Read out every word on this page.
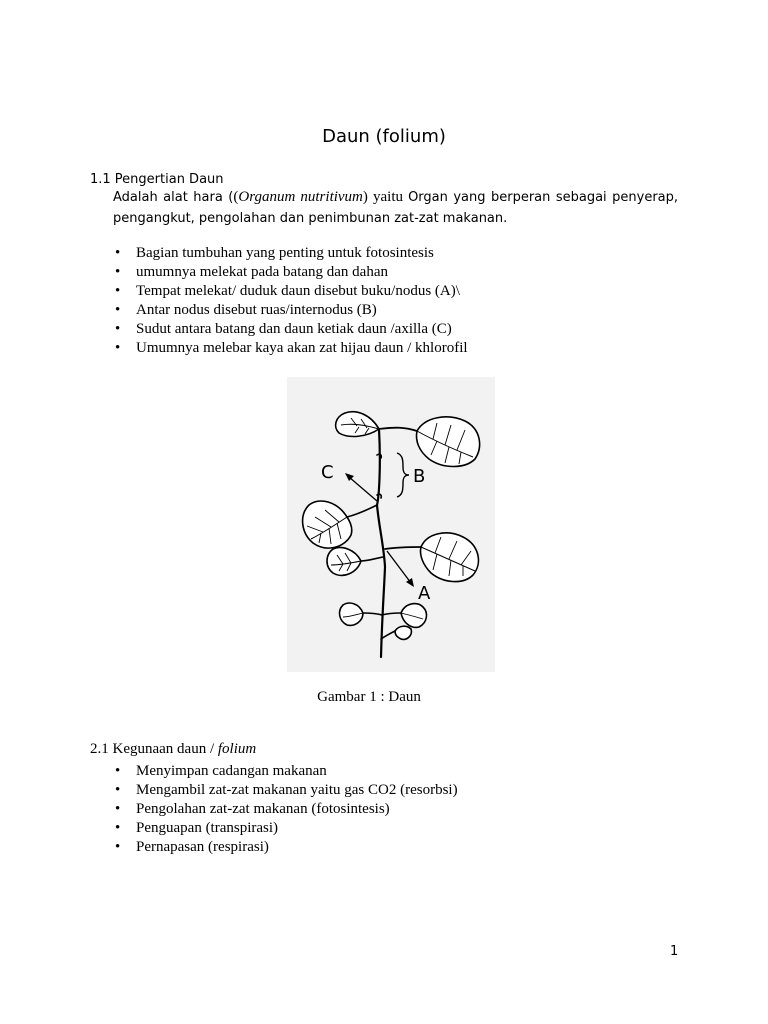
Daun (folium)
1.1 Pengertian Daun
Adalah alat hara ((Organum nutritivum) yaitu Organ yang berperan sebagai penyerap, pengangkut, pengolahan dan penimbunan zat-zat makanan.
• Bagian tumbuhan yang penting untuk fotosintesis
• umumnya melekat pada batang dan dahan
• Tempat melekat/ duduk daun disebut buku/nodus (A)\
• Antar nodus disebut ruas/internodus (B)
• Sudut antara batang dan daun ketiak daun /axilla (C)
• Umumnya melebar kaya akan zat hijau daun / khlorofil
C	B
A
Gambar 1 : Daun
2.1 Kegunaan daun / folium
• Menyimpan cadangan makanan
• Mengambil zat-zat makanan yaitu gas CO2 (resorbsi)
• Pengolahan zat-zat makanan (fotosintesis)
• Penguapan (transpirasi)
• Pernapasan (respirasi)
1
